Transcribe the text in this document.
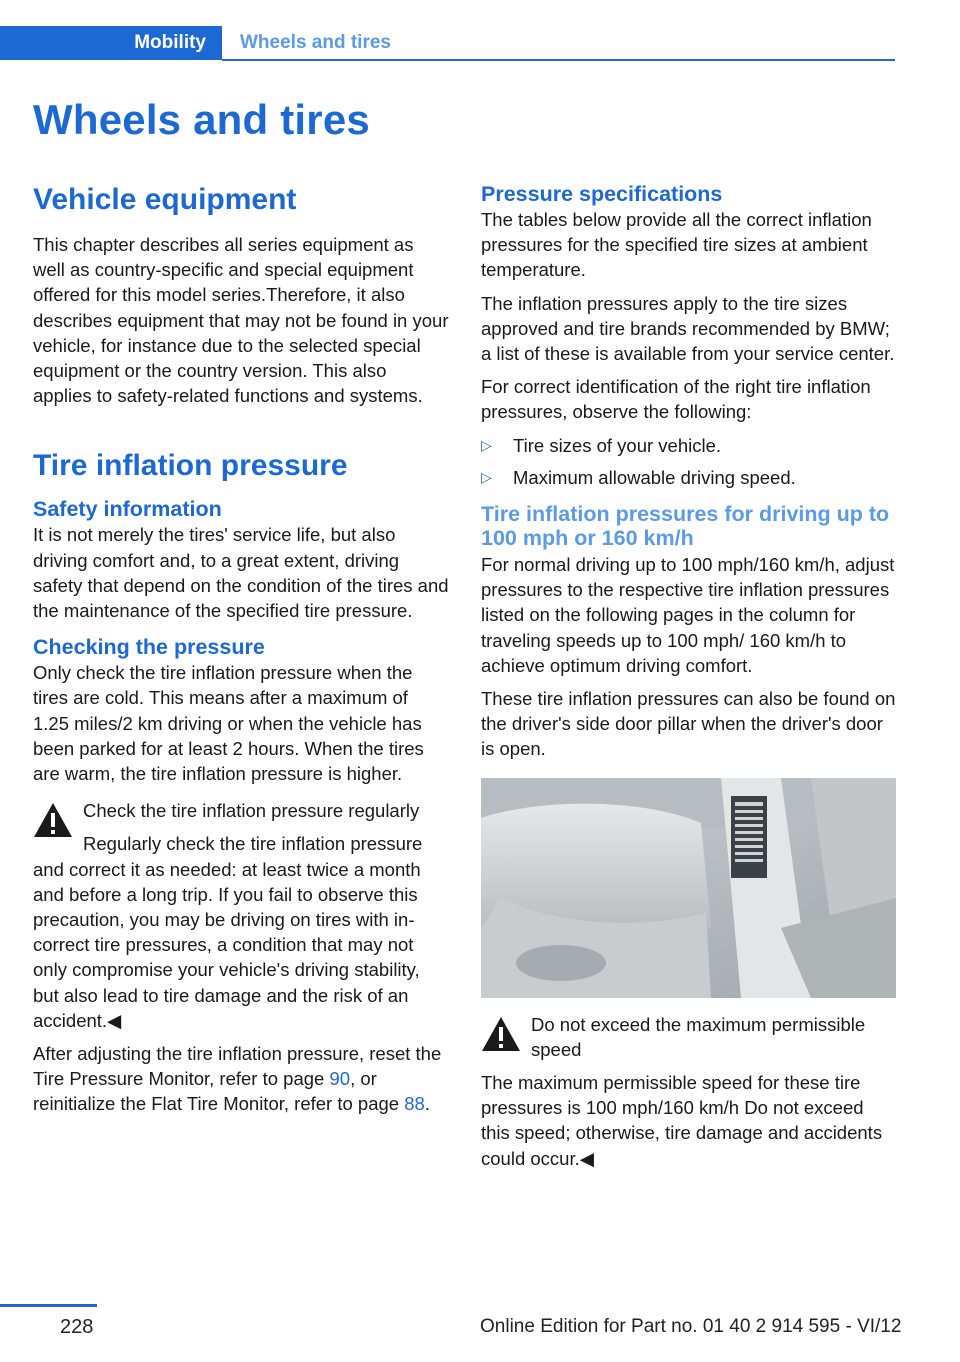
Mobility	Wheels and tires
Wheels and tires
Vehicle equipment

This chapter describes all series equipment as well as country-specific and special equipment offered for this model series.Therefore, it also describes equipment that may not be found in your vehicle, for instance due to the selected special equipment or the country version. This also applies to safety-related functions and systems.

Tire inflation pressure
Safety information

It is not merely the tires' service life, but also driving comfort and, to a great extent, driving safety that depend on the condition of the tires and the maintenance of the specified tire pressure.

Checking the pressure

Only check the tire inflation pressure when the tires are cold. This means after a maximum of 1.25 miles/2 km driving or when the vehicle has been parked for at least 2 hours. When the tires are warm, the tire inflation pressure is higher.

Check the tire inflation pressure regularly

Regularly check the tire inflation pressure and correct it as needed: at least twice a month and before a long trip. If you fail to observe this precaution, you may be driving on tires with incorrect tire pressures, a condition that may not only compromise your vehicle's driving stability, but also lead to tire damage and the risk of an accident.◀

After adjusting the tire inflation pressure, reset the Tire Pressure Monitor, refer to page 90, or reinitialize the Flat Tire Monitor, refer to page 88.

Pressure specifications

The tables below provide all the correct inflation pressures for the specified tire sizes at ambient temperature.

The inflation pressures apply to the tire sizes approved and tire brands recommended by BMW; a list of these is available from your service center.

For correct identification of the right tire inflation pressures, observe the following:

▷ Tire sizes of your vehicle.
▷ Maximum allowable driving speed.
Tire inflation pressures for driving up to 100 mph or 160 km/h

For normal driving up to 100 mph/160 km/h, adjust pressures to the respective tire inflation pressures listed on the following pages in the column for traveling speeds up to 100 mph/ 160 km/h to achieve optimum driving comfort.

These tire inflation pressures can also be found on the driver's side door pillar when the driver's door is open.

Do not exceed the maximum permissible speed

The maximum permissible speed for these tire pressures is 100 mph/160 km/h Do not exceed this speed; otherwise, tire damage and accidents could occur.◀

228	Online Edition for Part no. 01 40 2 914 595 - VI/12
